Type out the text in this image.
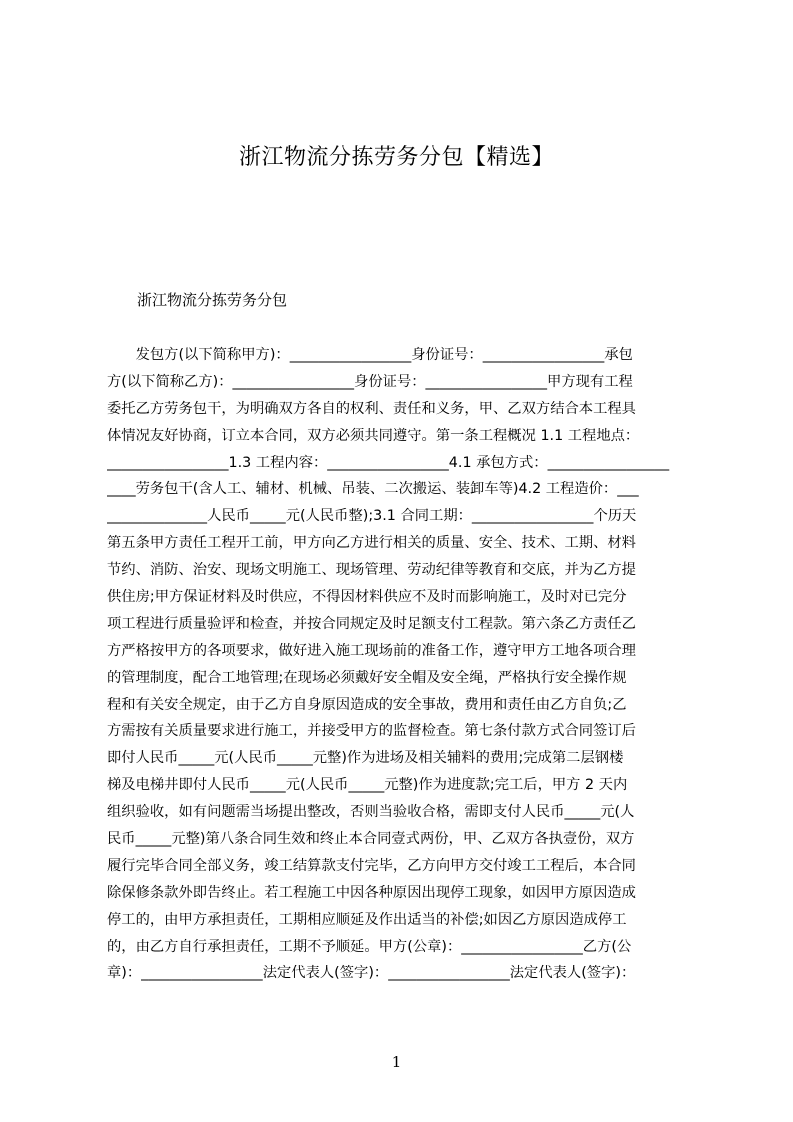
浙江物流分拣劳务分包【精选】
浙江物流分拣劳务分包
　　发包方(以下简称甲方)：_________________身份证号：_________________承包
方(以下简称乙方)：_________________身份证号：_________________甲方现有工程
委托乙方劳务包干，为明确双方各自的权利、责任和义务，甲、乙双方结合本工程具
体情况友好协商，订立本合同，双方必须共同遵守。第一条工程概况 1.1 工程地点：
_________________1.3 工程内容：_________________4.1 承包方式：_________________
____劳务包干(含人工、辅材、机械、吊装、二次搬运、装卸车等)4.2 工程造价：___
______________人民币_____元(人民币整);3.1 合同工期：_________________个历天
第五条甲方责任工程开工前，甲方向乙方进行相关的质量、安全、技术、工期、材料
节约、消防、治安、现场文明施工、现场管理、劳动纪律等教育和交底，并为乙方提
供住房;甲方保证材料及时供应，不得因材料供应不及时而影响施工，及时对已完分
项工程进行质量验评和检查，并按合同规定及时足额支付工程款。第六条乙方责任乙
方严格按甲方的各项要求，做好进入施工现场前的准备工作，遵守甲方工地各项合理
的管理制度，配合工地管理;在现场必须戴好安全帽及安全绳，严格执行安全操作规
程和有关安全规定，由于乙方自身原因造成的安全事故，费用和责任由乙方自负;乙
方需按有关质量要求进行施工，并接受甲方的监督检查。第七条付款方式合同签订后
即付人民币_____元(人民币_____元整)作为进场及相关辅料的费用;完成第二层钢楼
梯及电梯井即付人民币_____元(人民币_____元整)作为进度款;完工后，甲方 2 天内
组织验收，如有问题需当场提出整改，否则当验收合格，需即支付人民币_____元(人
民币_____元整)第八条合同生效和终止本合同壹式两份，甲、乙双方各执壹份，双方
履行完毕合同全部义务，竣工结算款支付完毕，乙方向甲方交付竣工工程后，本合同
除保修条款外即告终止。若工程施工中因各种原因出现停工现象，如因甲方原因造成
停工的，由甲方承担责任，工期相应顺延及作出适当的补偿;如因乙方原因造成停工
的，由乙方自行承担责任，工期不予顺延。甲方(公章)：_________________乙方(公
章)：_________________法定代表人(签字)：_________________法定代表人(签字)：
1
